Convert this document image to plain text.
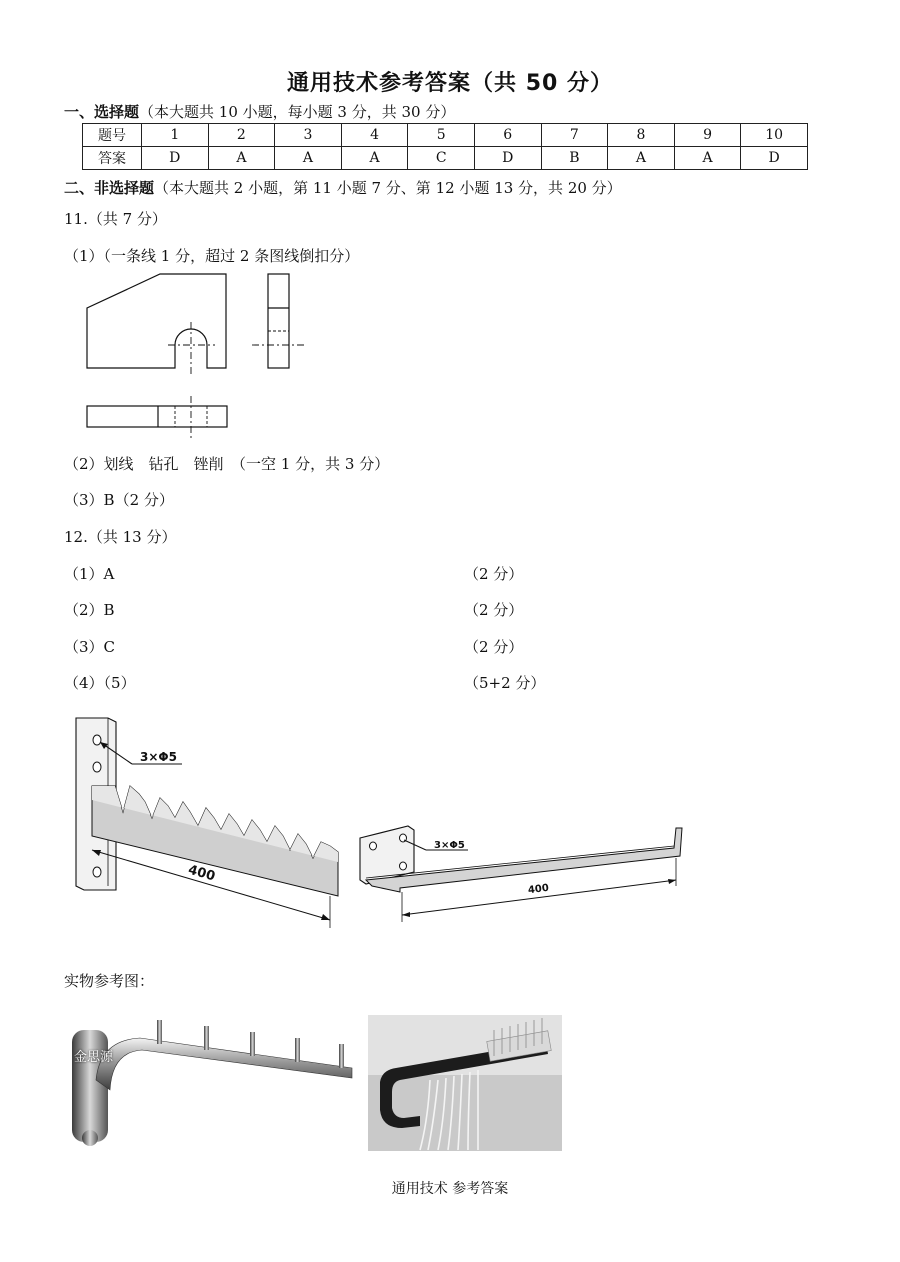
通用技术参考答案（共 50 分）
一、选择题（本大题共 10 小题，每小题 3 分，共 30 分）
题号	1	2	3	4	5	6	7	8	9	10
答案	D	A	A	A	C	D	B	A	A	D
二、非选择题（本大题共 2 小题，第 11 小题 7 分、第 12 小题 13 分，共 20 分）
11.（共 7 分）
（1）（一条线 1 分，超过 2 条图线倒扣分）
（2）划线　钻孔　锉削　（一空 1 分，共 3 分）
（3）B（2 分）
12.（共 13 分）
（1）A	（2 分）
（2）B	（2 分）
（3）C	（2 分）
（4）（5）	（5+2 分）
3×Φ5
400
3×Φ5
400
实物参考图：
金思源
通用技术 参考答案
